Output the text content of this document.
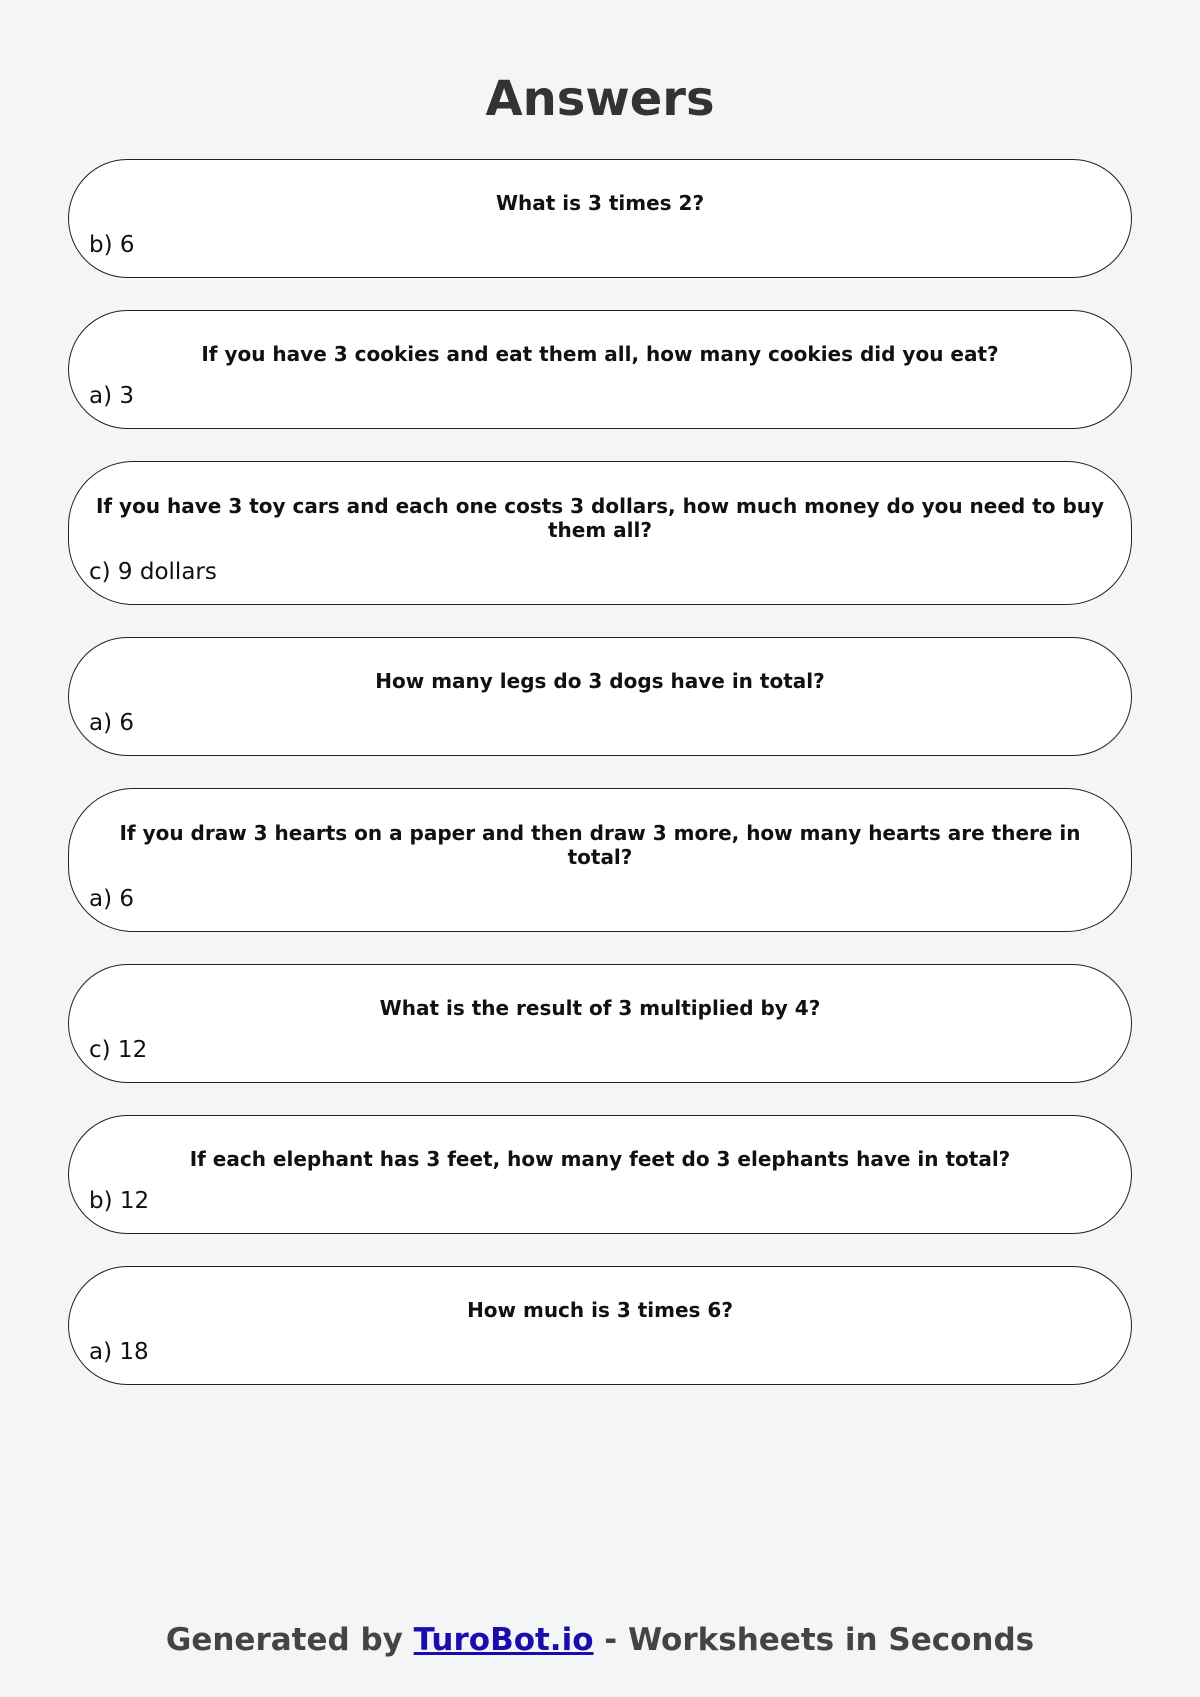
Answers
What is 3 times 2?
b) 6
If you have 3 cookies and eat them all, how many cookies did you eat?
a) 3
If you have 3 toy cars and each one costs 3 dollars, how much money do you need to buy them all?
c) 9 dollars
How many legs do 3 dogs have in total?
a) 6
If you draw 3 hearts on a paper and then draw 3 more, how many hearts are there in total?
a) 6
What is the result of 3 multiplied by 4?
c) 12
If each elephant has 3 feet, how many feet do 3 elephants have in total?
b) 12
How much is 3 times 6?
a) 18
Generated by TuroBot.io - Worksheets in Seconds
